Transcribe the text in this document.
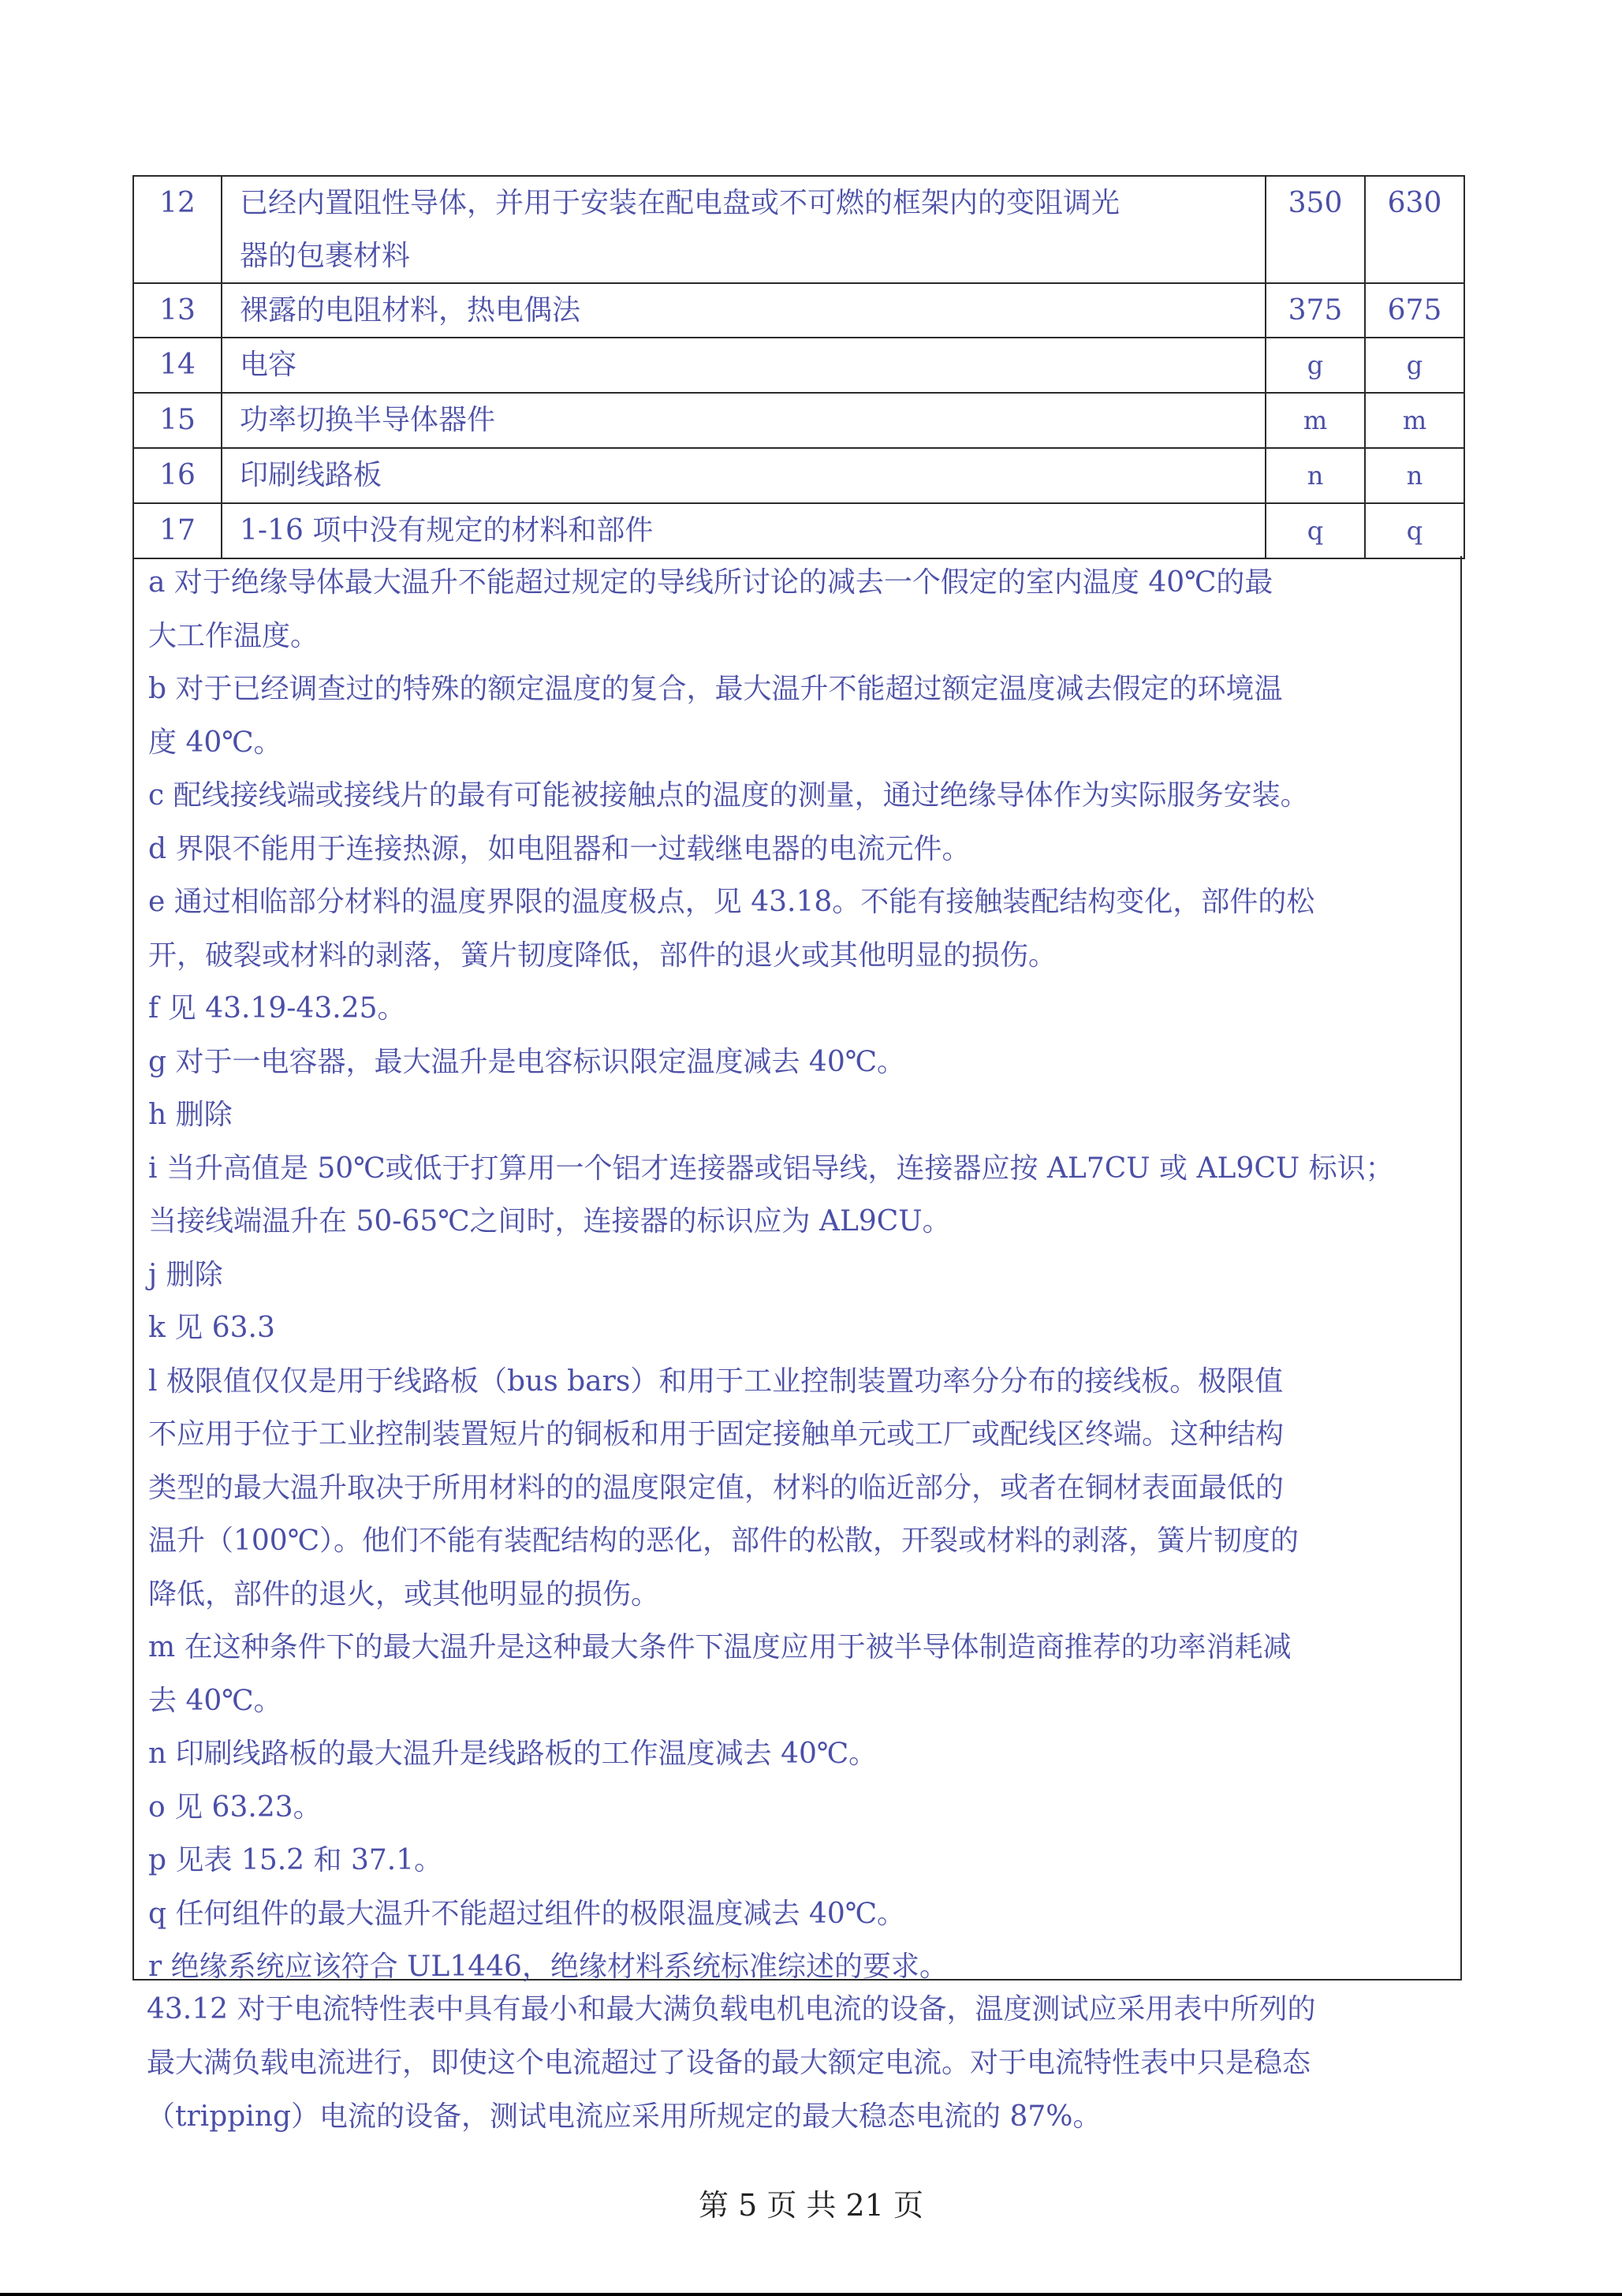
12	已经内置阻性导体，并用于安装在配电盘或不可燃的框架内的变阻调光
器的包裹材料	350	630
13	裸露的电阻材料，热电偶法	375	675
14	电容	g	g
15	功率切换半导体器件	m	m
16	印刷线路板	n	n
17	1-16 项中没有规定的材料和部件	q	q
a 对于绝缘导体最大温升不能超过规定的导线所讨论的减去一个假定的室内温度 40℃的最
大工作温度。
b 对于已经调查过的特殊的额定温度的复合，最大温升不能超过额定温度减去假定的环境温
度 40℃。
c 配线接线端或接线片的最有可能被接触点的温度的测量，通过绝缘导体作为实际服务安装。
d 界限不能用于连接热源，如电阻器和一过载继电器的电流元件。
e 通过相临部分材料的温度界限的温度极点，见 43.18。不能有接触装配结构变化，部件的松
开，破裂或材料的剥落，簧片韧度降低，部件的退火或其他明显的损伤。
f 见 43.19-43.25。
g 对于一电容器，最大温升是电容标识限定温度减去 40℃。
h 删除
i 当升高值是 50℃或低于打算用一个铝才连接器或铝导线，连接器应按 AL7CU 或 AL9CU 标识；
当接线端温升在 50-65℃之间时，连接器的标识应为 AL9CU。
j 删除
k 见 63.3
l 极限值仅仅是用于线路板（bus bars）和用于工业控制装置功率分分布的接线板。极限值
不应用于位于工业控制装置短片的铜板和用于固定接触单元或工厂或配线区终端。这种结构
类型的最大温升取决于所用材料的的温度限定值，材料的临近部分，或者在铜材表面最低的
温升（100℃）。他们不能有装配结构的恶化，部件的松散，开裂或材料的剥落，簧片韧度的
降低，部件的退火，或其他明显的损伤。
m 在这种条件下的最大温升是这种最大条件下温度应用于被半导体制造商推荐的功率消耗减
去 40℃。
n 印刷线路板的最大温升是线路板的工作温度减去 40℃。
o 见 63.23。
p 见表 15.2 和 37.1。
q 任何组件的最大温升不能超过组件的极限温度减去 40℃。
r 绝缘系统应该符合 UL1446，绝缘材料系统标准综述的要求。
43.12 对于电流特性表中具有最小和最大满负载电机电流的设备，温度测试应采用表中所列的
最大满负载电流进行，即使这个电流超过了设备的最大额定电流。对于电流特性表中只是稳态
（tripping）电流的设备，测试电流应采用所规定的最大稳态电流的 87%。
第 5 页 共 21 页
